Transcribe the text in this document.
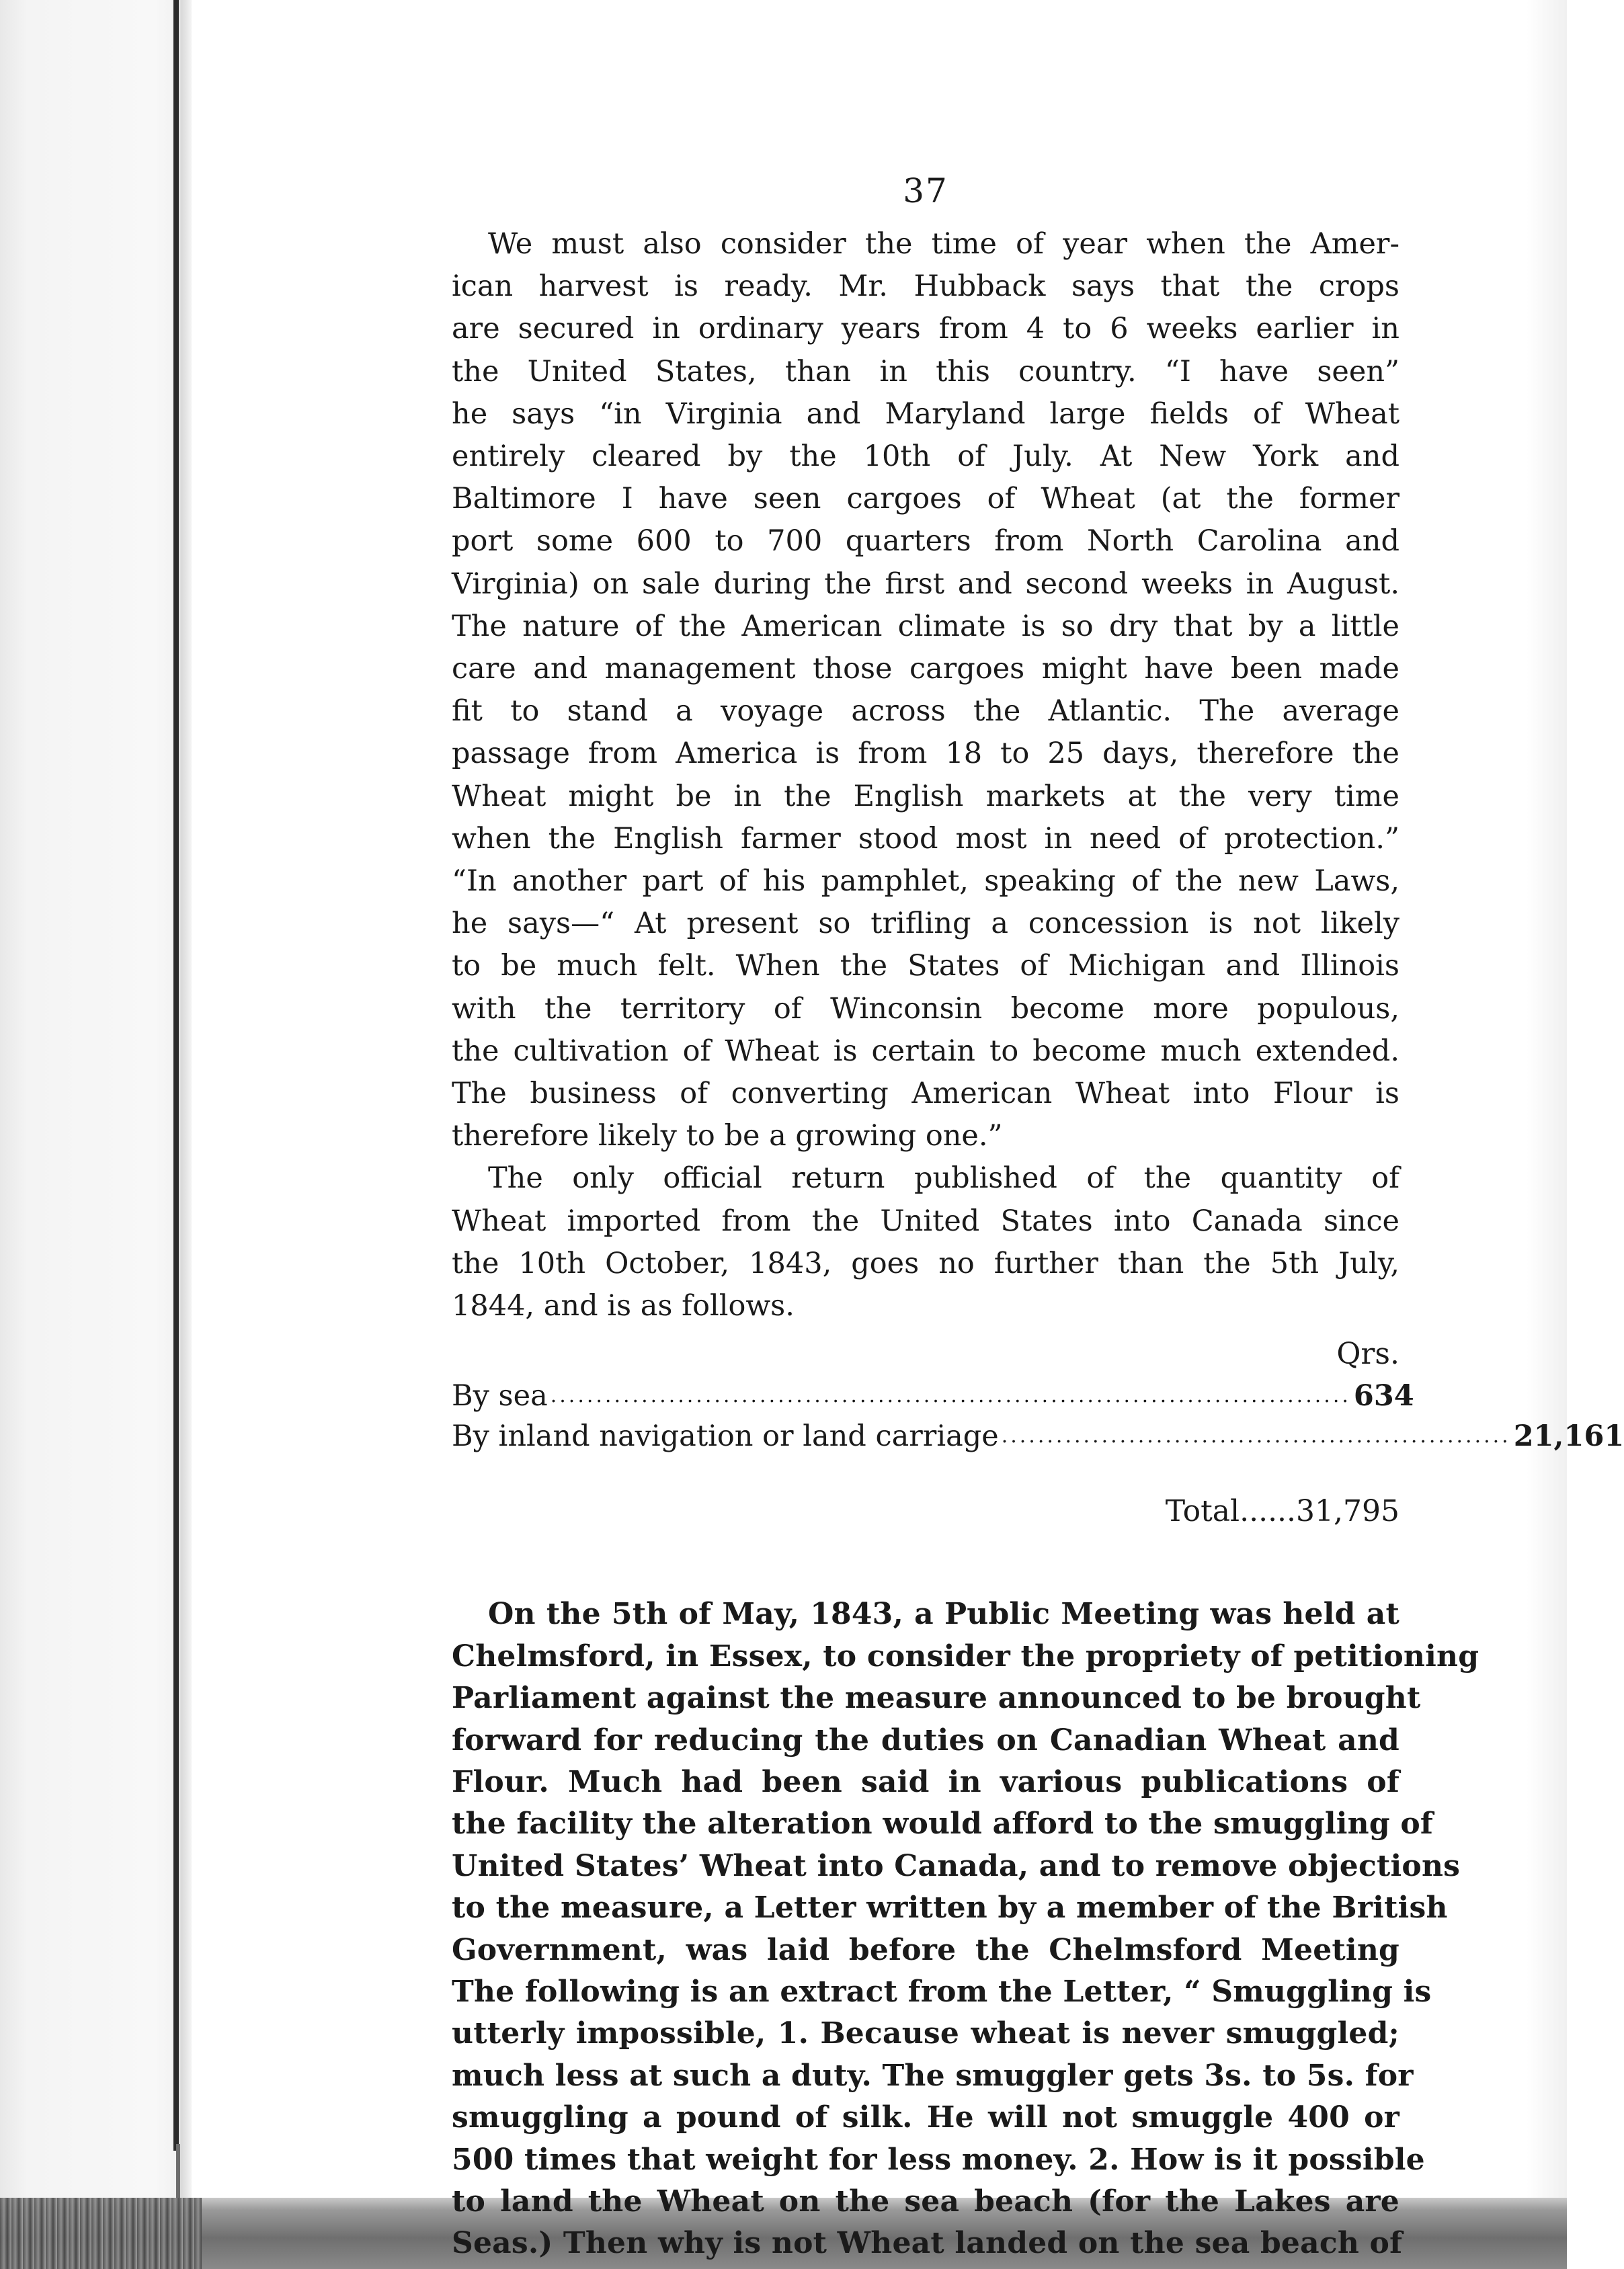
37
We must also consider the time of year when the Amer-
ican harvest is ready. Mr. Hubback says that the crops
are secured in ordinary years from 4 to 6 weeks earlier in
the United States, than in this country. “I have seen”
he says “in Virginia and Maryland large fields of Wheat
entirely cleared by the 10th of July. At New York and
Baltimore I have seen cargoes of Wheat (at the former
port some 600 to 700 quarters from North Carolina and
Virginia) on sale during the first and second weeks in August.
The nature of the American climate is so dry that by a little
care and management those cargoes might have been made
fit to stand a voyage across the Atlantic. The average
passage from America is from 18 to 25 days, therefore the
Wheat might be in the English markets at the very time
when the English farmer stood most in need of protection.”
“In another part of his pamphlet, speaking of the new Laws,
he says—“ At present so trifling a concession is not likely
to be much felt. When the States of Michigan and Illinois
with the territory of Winconsin become more populous,
the cultivation of Wheat is certain to become much extended.
The business of converting American Wheat into Flour is
therefore likely to be a growing one.”
The only official return published of the quantity of
Wheat imported from the United States into Canada since
the 10th October, 1843, goes no further than the 5th July,
1844, and is as follows.
Qrs.
By sea ........................................................................................ 634
By inland navigation or land carriage ........................................................ 21,161
Total......31,795
On the 5th of May, 1843, a Public Meeting was held at
Chelmsford, in Essex, to consider the propriety of petitioning
Parliament against the measure announced to be brought
forward for reducing the duties on Canadian Wheat and
Flour. Much had been said in various publications of
the facility the alteration would afford to the smuggling of
United States’ Wheat into Canada, and to remove objections
to the measure, a Letter written by a member of the British
Government, was laid before the Chelmsford Meeting
The following is an extract from the Letter, “ Smuggling is
utterly impossible, 1. Because wheat is never smuggled;
much less at such a duty. The smuggler gets 3s. to 5s. for
smuggling a pound of silk. He will not smuggle 400 or
500 times that weight for less money. 2. How is it possible
to land the Wheat on the sea beach (for the Lakes are
Seas.) Then why is not Wheat landed on the sea beach of
